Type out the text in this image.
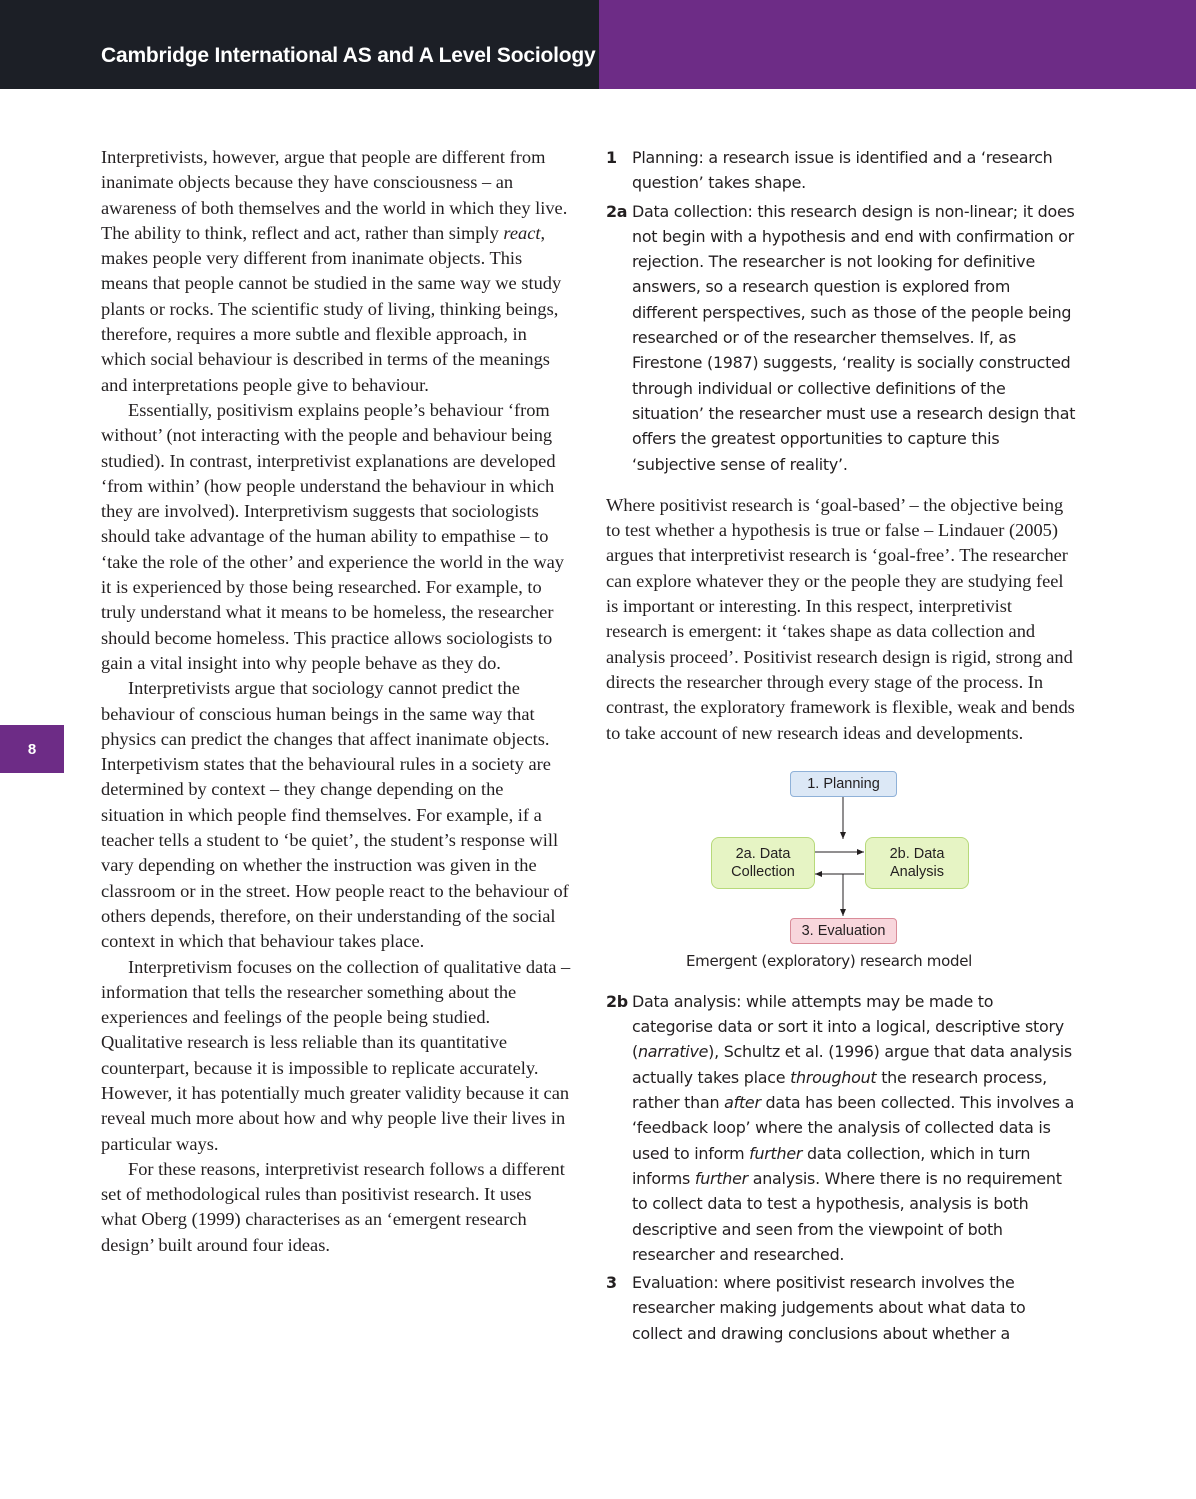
Cambridge International AS and A Level Sociology
8

Interpretivists, however, argue that people are different from inanimate objects because they have consciousness – an awareness of both themselves and the world in which they live. The ability to think, reflect and act, rather than simply react, makes people very different from inanimate objects. This means that people cannot be studied in the same way we study plants or rocks. The scientific study of living, thinking beings, therefore, requires a more subtle and flexible approach, in which social behaviour is described in terms of the meanings and interpretations people give to behaviour.

Essentially, positivism explains people’s behaviour ‘from without’ (not interacting with the people and behaviour being studied). In contrast, interpretivist explanations are developed ‘from within’ (how people understand the behaviour in which they are involved). Interpretivism suggests that sociologists should take advantage of the human ability to empathise – to ‘take the role of the other’ and experience the world in the way it is experienced by those being researched. For example, to truly understand what it means to be homeless, the researcher should become homeless. This practice allows sociologists to gain a vital insight into why people behave as they do.

Interpretivists argue that sociology cannot predict the behaviour of conscious human beings in the same way that physics can predict the changes that affect inanimate objects. Interpetivism states that the behavioural rules in a society are determined by context – they change depending on the situation in which people find themselves. For example, if a teacher tells a student to ‘be quiet’, the student’s response will vary depending on whether the instruction was given in the classroom or in the street. How people react to the behaviour of others depends, therefore, on their understanding of the social context in which that behaviour takes place.

Interpretivism focuses on the collection of qualitative data – information that tells the researcher something about the experiences and feelings of the people being studied. Qualitative research is less reliable than its quantitative counterpart, because it is impossible to replicate accurately. However, it has potentially much greater validity because it can reveal much more about how and why people live their lives in particular ways.

For these reasons, interpretivist research follows a different set of methodological rules than positivist research. It uses what Oberg (1999) characterises as an ‘emergent research design’ built around four ideas.

1 Planning: a research issue is identified and a ‘research question’ takes shape.
2a Data collection: this research design is non‑linear; it does not begin with a hypothesis and end with confirmation or rejection. The researcher is not looking for definitive answers, so a research question is explored from different perspectives, such as those of the people being researched or of the researcher themselves. If, as Firestone (1987) suggests, ‘reality is socially constructed through individual or collective definitions of the situation’ the researcher must use a research design that offers the greatest opportunities to capture this ‘subjective sense of reality’.

Where positivist research is ‘goal-based’ – the objective being to test whether a hypothesis is true or false – Lindauer (2005) argues that interpretivist research is ‘goal-free’. The researcher can explore whatever they or the people they are studying feel is important or interesting. In this respect, interpretivist research is emergent: it ‘takes shape as data collection and analysis proceed’. Positivist research design is rigid, strong and directs the researcher through every stage of the process. In contrast, the exploratory framework is flexible, weak and bends to take account of new research ideas and developments.

1. Planning
2a. Data
Collection
2b. Data
Analysis
3. Evaluation
Emergent (exploratory) research model
2b Data analysis: while attempts may be made to categorise data or sort it into a logical, descriptive story (narrative), Schultz et al. (1996) argue that data analysis actually takes place throughout the research process, rather than after data has been collected. This involves a ‘feedback loop’ where the analysis of collected data is used to inform further data collection, which in turn informs further analysis. Where there is no requirement to collect data to test a hypothesis, analysis is both descriptive and seen from the viewpoint of both researcher and researched.
3 Evaluation: where positivist research involves the researcher making judgements about what data to collect and drawing conclusions about whether a
